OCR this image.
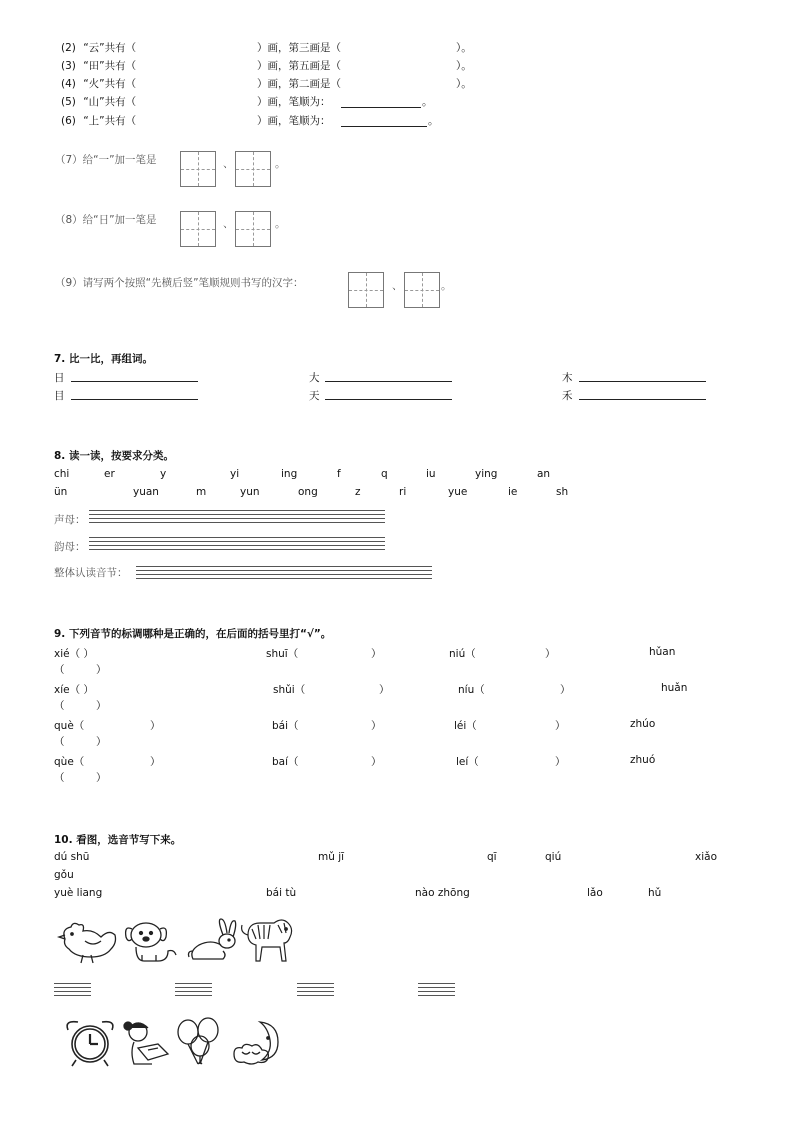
(2) “云”共有（	）画，第三画是（	）。
(3) “田”共有（	）画，第五画是（	）。
(4) “火”共有（	）画，第二画是（	）。
(5) “山”共有（	）画，笔顺为：	。
(6) “上”共有（	）画，笔顺为：	。
（7）给“一”加一笔是	、	。
（8）给“日”加一笔是	、	。
（9）请写两个按照“先横后竖”笔顺规则书写的汉字：	、	。
7. 比一比，再组词。
日	大	木
目	天	禾
8. 读一读，按要求分类。
chi	er	y	yi	ing	f	q	iu	ying	an
ün	yuan	m	yun	ong	z	ri	yue	ie	sh
声母：
韵母：
整体认读音节：
9. 下列音节的标调哪种是正确的，在后面的括号里打“√”。
xié（ ）	shuī（	）	niú（	）	hǔan
（　　　）
xíe（ ）	shǔi（	）	níu（	）	huǎn
（　　　）
què（	）	bái（	）	léi（	）	zhúo
（　　　）
qùe（	）	baí（	）	leí（	）	zhuó
（　　　）
10. 看图，选音节写下来。
dú shū	mǔ jī	qī	qiú	xiǎo
gǒu
yuè liang	bái tù	nào zhōng	lǎo	hǔ
